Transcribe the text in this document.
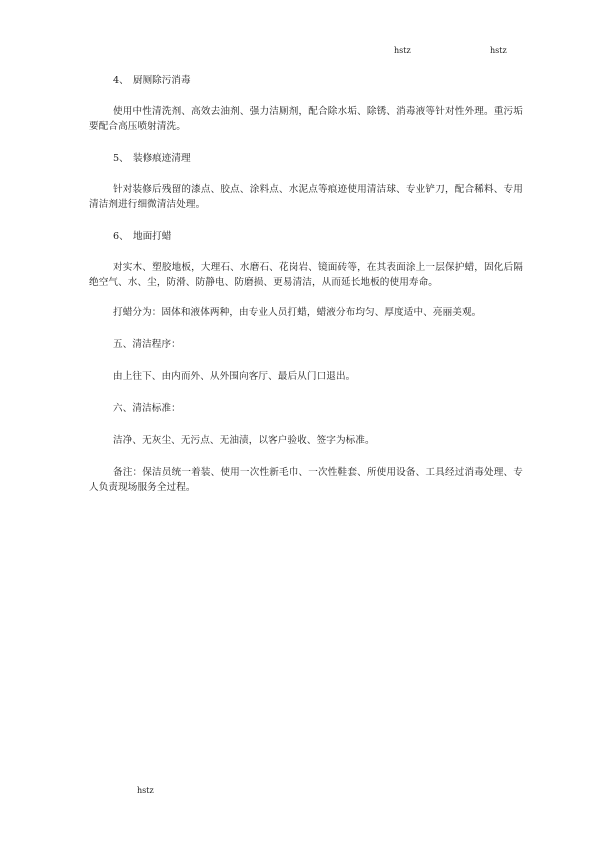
hstz	hstz
4、 厨厕除污消毒
使用中性清洗剂、高效去油剂、强力洁厕剂，配合除水垢、除锈、消毒液等针对性外理。重污垢要配合高压喷射清洗。
5、 装修痕迹清理
针对装修后残留的漆点、胶点、涂料点、水泥点等痕迹使用清洁球、专业铲刀，配合稀料、专用清洁剂进行细微清洁处理。
6、 地面打蜡
对实木、塑胶地板，大理石、水磨石、花岗岩、镜面砖等，在其表面涂上一层保护蜡，固化后隔绝空气、水、尘，防滑、防静电、防磨损、更易清洁，从而延长地板的使用寿命。
打蜡分为：固体和液体两种，由专业人员打蜡，蜡液分布均匀、厚度适中、亮丽美观。
五、清洁程序：
由上往下、由内而外、从外围向客厅、最后从门口退出。
六、清洁标准：
洁净、无灰尘、无污点、无油渍，以客户验收、签字为标准。
备注：保洁员统一着装、使用一次性新毛巾、一次性鞋套、所使用设备、工具经过消毒处理、专人负责现场服务全过程。
hstz
